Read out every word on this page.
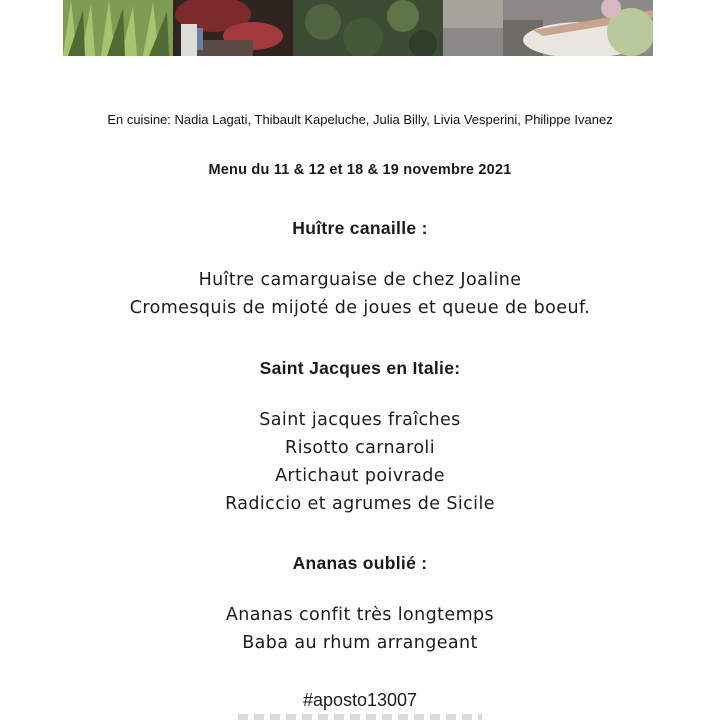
En cuisine: Nadia Lagati, Thibault Kapeluche, Julia Billy, Livia Vesperini, Philippe Ivanez
Menu du 11 & 12 et 18 & 19 novembre 2021
Huître canaille :
Huître camarguaise de chez Joaline
Cromesquis de mijoté de joues et queue de boeuf.
Saint Jacques en Italie:
Saint jacques fraîches
Risotto carnaroli
Artichaut poivrade
Radiccio et agrumes de Sicile
Ananas oublié :
Ananas confit très longtemps
Baba au rhum arrangeant
#aposto13007
